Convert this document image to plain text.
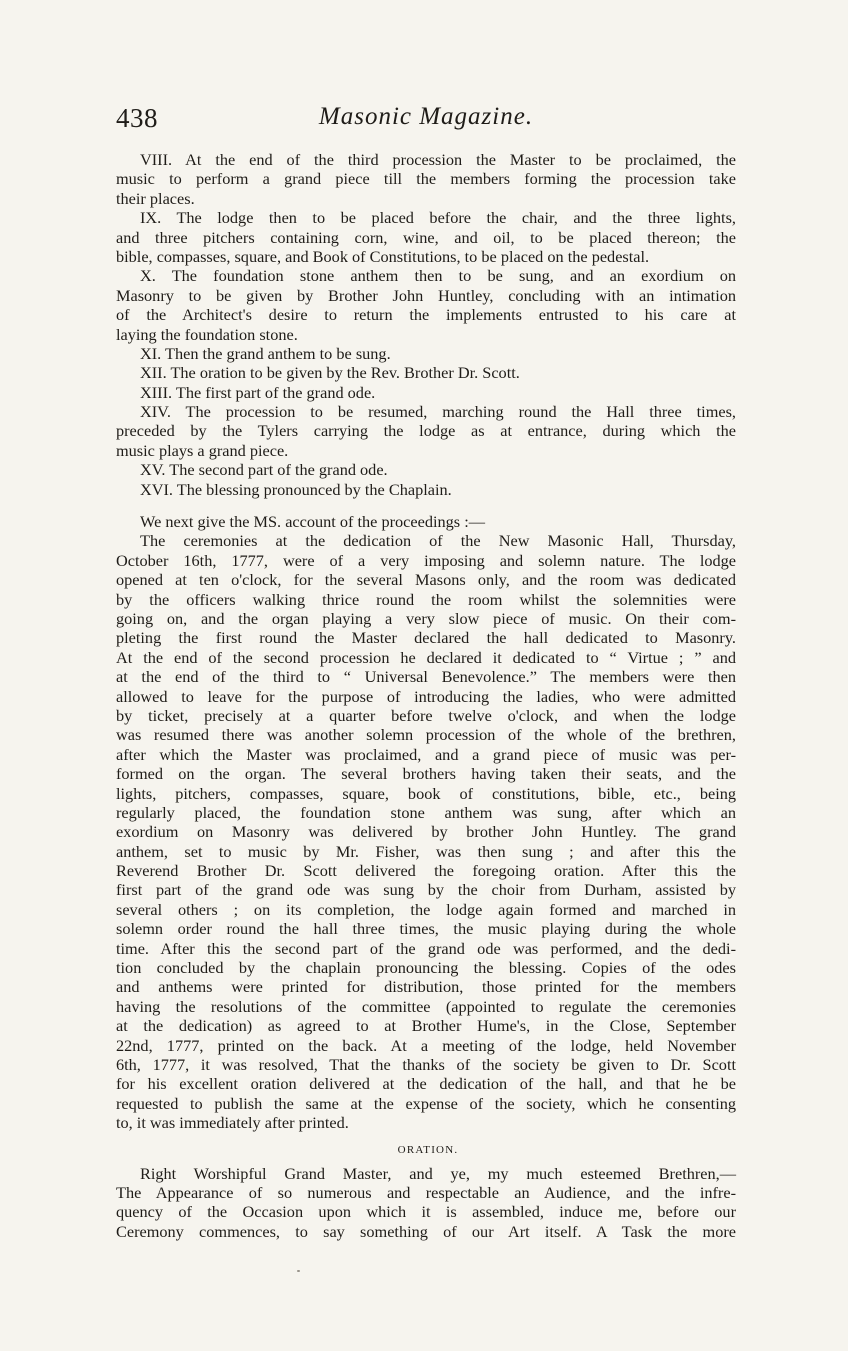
438	Masonic Magazine.
VIII. At the end of the third procession the Master to be proclaimed, the
music to perform a grand piece till the members forming the procession take
their places.
IX. The lodge then to be placed before the chair, and the three lights,
and three pitchers containing corn, wine, and oil, to be placed thereon; the
bible, compasses, square, and Book of Constitutions, to be placed on the pedestal.
X. The foundation stone anthem then to be sung, and an exordium on
Masonry to be given by Brother John Huntley, concluding with an intimation
of the Architect's desire to return the implements entrusted to his care at
laying the foundation stone.
XI. Then the grand anthem to be sung.
XII. The oration to be given by the Rev. Brother Dr. Scott.
XIII. The first part of the grand ode.
XIV. The procession to be resumed, marching round the Hall three times,
preceded by the Tylers carrying the lodge as at entrance, during which the
music plays a grand piece.
XV. The second part of the grand ode.
XVI. The blessing pronounced by the Chaplain.
We next give the MS. account of the proceedings :—
The ceremonies at the dedication of the New Masonic Hall, Thursday,
October 16th, 1777, were of a very imposing and solemn nature. The lodge
opened at ten o'clock, for the several Masons only, and the room was dedicated
by the officers walking thrice round the room whilst the solemnities were
going on, and the organ playing a very slow piece of music. On their com-
pleting the first round the Master declared the hall dedicated to Masonry.
At the end of the second procession he declared it dedicated to “ Virtue ; ” and
at the end of the third to “ Universal Benevolence.” The members were then
allowed to leave for the purpose of introducing the ladies, who were admitted
by ticket, precisely at a quarter before twelve o'clock, and when the lodge
was resumed there was another solemn procession of the whole of the brethren,
after which the Master was proclaimed, and a grand piece of music was per-
formed on the organ. The several brothers having taken their seats, and the
lights, pitchers, compasses, square, book of constitutions, bible, etc., being
regularly placed, the foundation stone anthem was sung, after which an
exordium on Masonry was delivered by brother John Huntley. The grand
anthem, set to music by Mr. Fisher, was then sung ; and after this the
Reverend Brother Dr. Scott delivered the foregoing oration. After this the
first part of the grand ode was sung by the choir from Durham, assisted by
several others ; on its completion, the lodge again formed and marched in
solemn order round the hall three times, the music playing during the whole
time. After this the second part of the grand ode was performed, and the dedi-
tion concluded by the chaplain pronouncing the blessing. Copies of the odes
and anthems were printed for distribution, those printed for the members
having the resolutions of the committee (appointed to regulate the ceremonies
at the dedication) as agreed to at Brother Hume's, in the Close, September
22nd, 1777, printed on the back. At a meeting of the lodge, held November
6th, 1777, it was resolved, That the thanks of the society be given to Dr. Scott
for his excellent oration delivered at the dedication of the hall, and that he be
requested to publish the same at the expense of the society, which he consenting
to, it was immediately after printed.
ORATION.
Right Worshipful Grand Master, and ye, my much esteemed Brethren,—
The Appearance of so numerous and respectable an Audience, and the infre-
quency of the Occasion upon which it is assembled, induce me, before our
Ceremony commences, to say something of our Art itself. A Task the more
